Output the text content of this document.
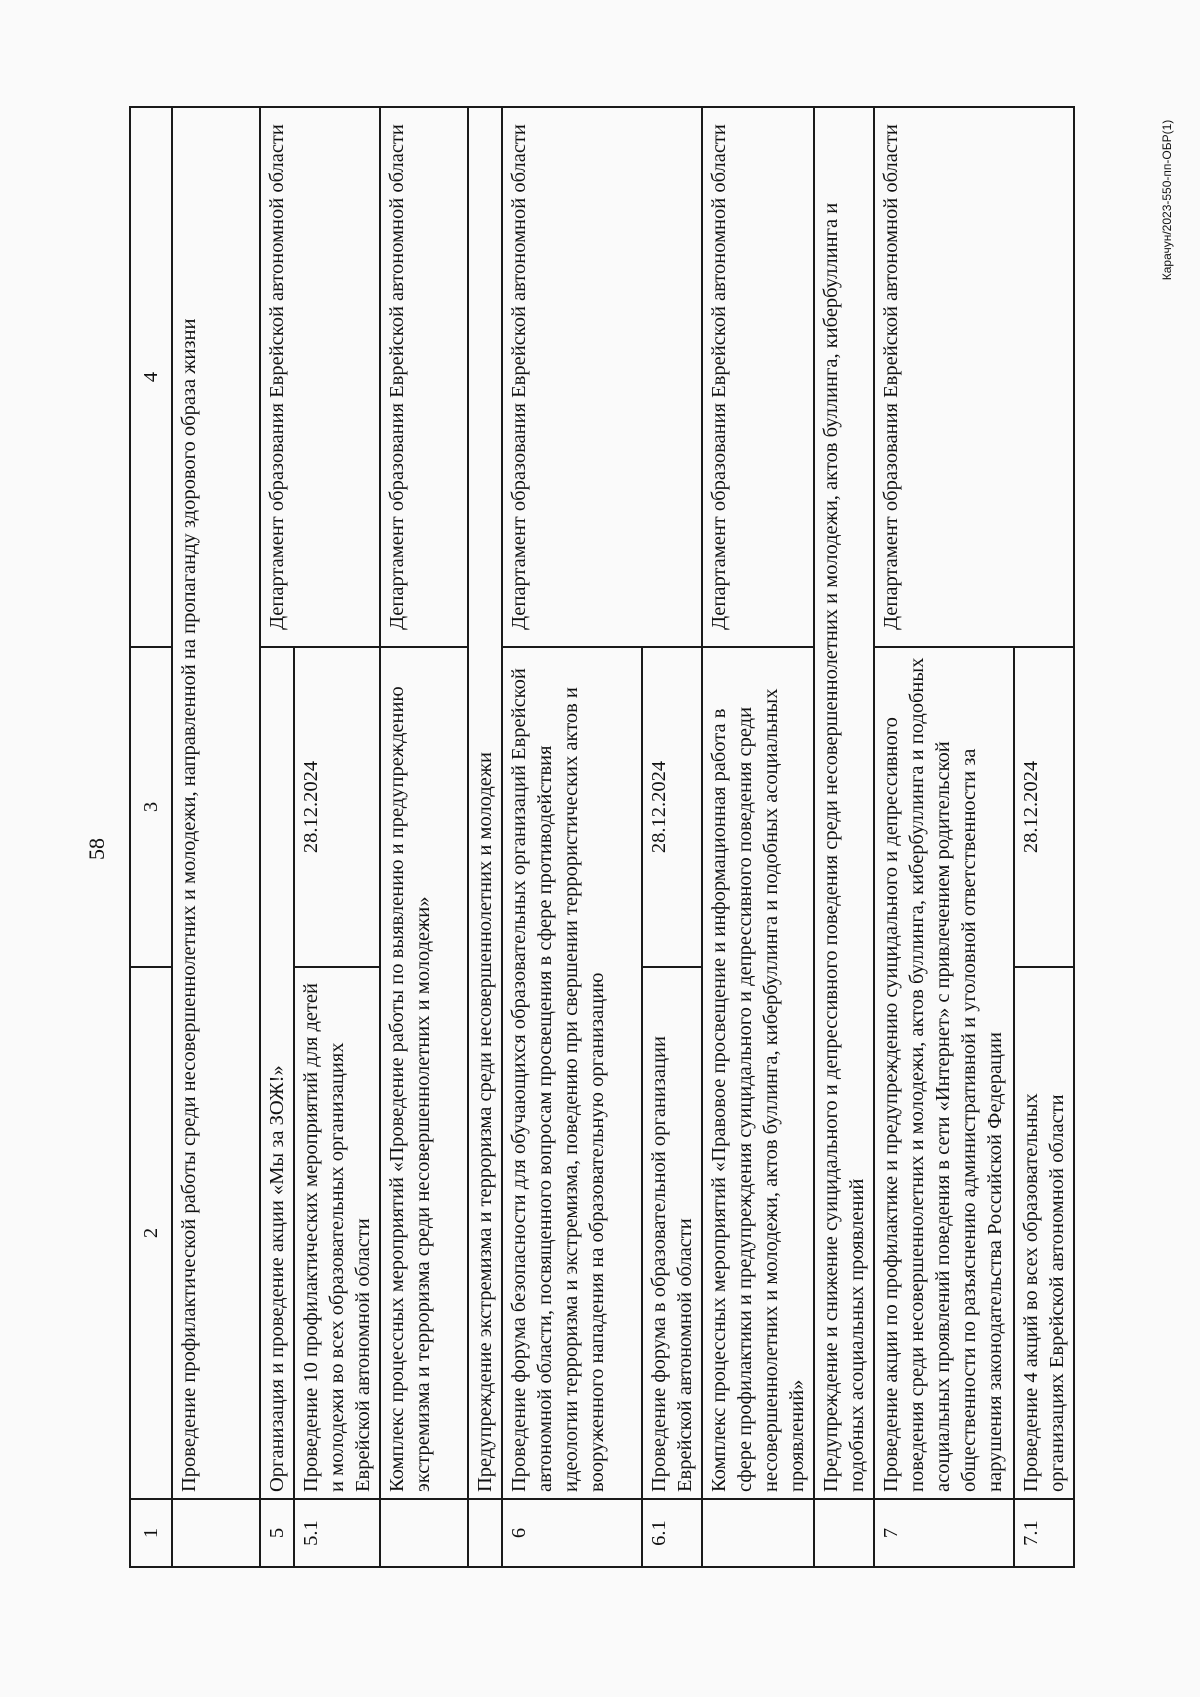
58
Карачун/2023-550-пп-ОБР(1)
1	2	3	4
	Проведение профилактической работы среди несовершеннолетних и молодежи, направленной на пропаганду здорового образа жизни		
5	Организация и проведение акции «Мы за ЗОЖ!»		Департамент образования Еврейской автономной области
5.1	Проведение 10 профилактических мероприятий для детей и молодежи во всех образовательных организациях Еврейской автономной области	28.12.2024	
	Комплекс процессных мероприятий «Проведение работы по выявлению и предупреждению экстремизма и терроризма среди несовершеннолетних и молодежи»		Департамент образования Еврейской автономной области
	Предупреждение экстремизма и терроризма среди несовершеннолетних и молодежи		
6	Проведение форума безопасности для обучающихся образовательных организаций Еврейской автономной области, посвященного вопросам просвещения в сфере противодействия идеологии терроризма и экстремизма, поведению при свершении террористических актов и вооруженного нападения на образовательную организацию		Департамент образования Еврейской автономной области
6.1	Проведение форума в образовательной организации Еврейской автономной области	28.12.2024	
	Комплекс процессных мероприятий «Правовое просвещение и информационная работа в сфере профилактики и предупреждения суицидального и депрессивного поведения среди несовершеннолетних и молодежи, актов буллинга, кибербуллинга и подобных асоциальных проявлений»		Департамент образования Еврейской автономной области
	Предупреждение и снижение суицидального и депрессивного поведения среди несовершеннолетних и молодежи, актов буллинга, кибербуллинга и подобных асоциальных проявлений		
7	Проведение акции по профилактике и предупреждению суицидального и депрессивного поведения среди несовершеннолетних и молодежи, актов буллинга, кибербуллинга и подобных асоциальных проявлений поведения в сети «Интернет» с привлечением родительской общественности по разъяснению административной и уголовной ответственности за нарушения законодательства Российской Федерации		Департамент образования Еврейской автономной области
7.1	Проведение 4 акций во всех образовательных организациях Еврейской автономной области	28.12.2024	
